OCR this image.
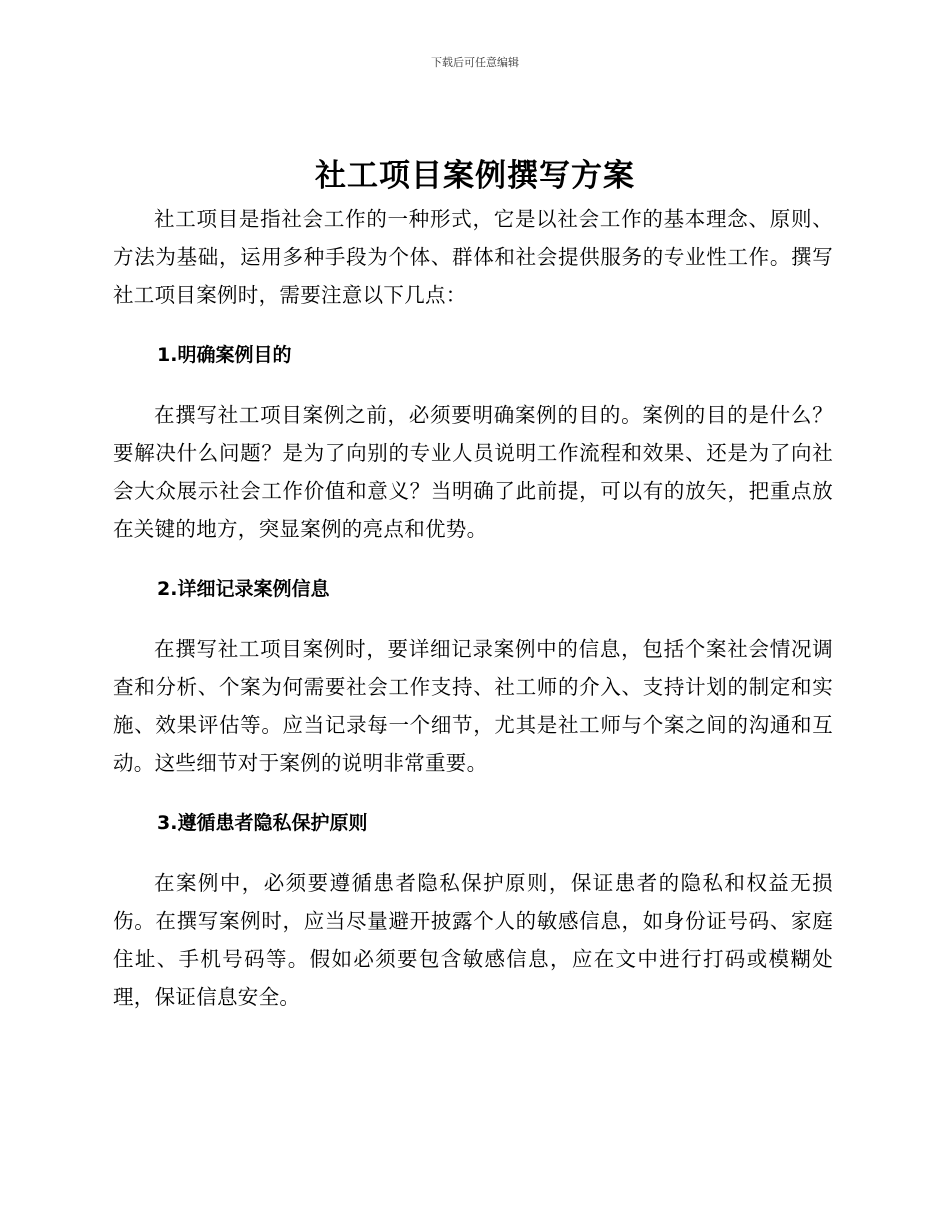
下载后可任意编辑
社工项目案例撰写方案

社工项目是指社会工作的一种形式，它是以社会工作的基本理念、原则、方法为基础，运用多种手段为个体、群体和社会提供服务的专业性工作。撰写社工项目案例时，需要注意以下几点：

1.明确案例目的

在撰写社工项目案例之前，必须要明确案例的目的。案例的目的是什么？要解决什么问题？是为了向别的专业人员说明工作流程和效果、还是为了向社会大众展示社会工作价值和意义？当明确了此前提，可以有的放矢，把重点放在关键的地方，突显案例的亮点和优势。

2.详细记录案例信息

在撰写社工项目案例时，要详细记录案例中的信息，包括个案社会情况调查和分析、个案为何需要社会工作支持、社工师的介入、支持计划的制定和实施、效果评估等。应当记录每一个细节，尤其是社工师与个案之间的沟通和互动。这些细节对于案例的说明非常重要。

3.遵循患者隐私保护原则

在案例中，必须要遵循患者隐私保护原则，保证患者的隐私和权益无损伤。在撰写案例时，应当尽量避开披露个人的敏感信息，如身份证号码、家庭住址、手机号码等。假如必须要包含敏感信息，应在文中进行打码或模糊处理，保证信息安全。
